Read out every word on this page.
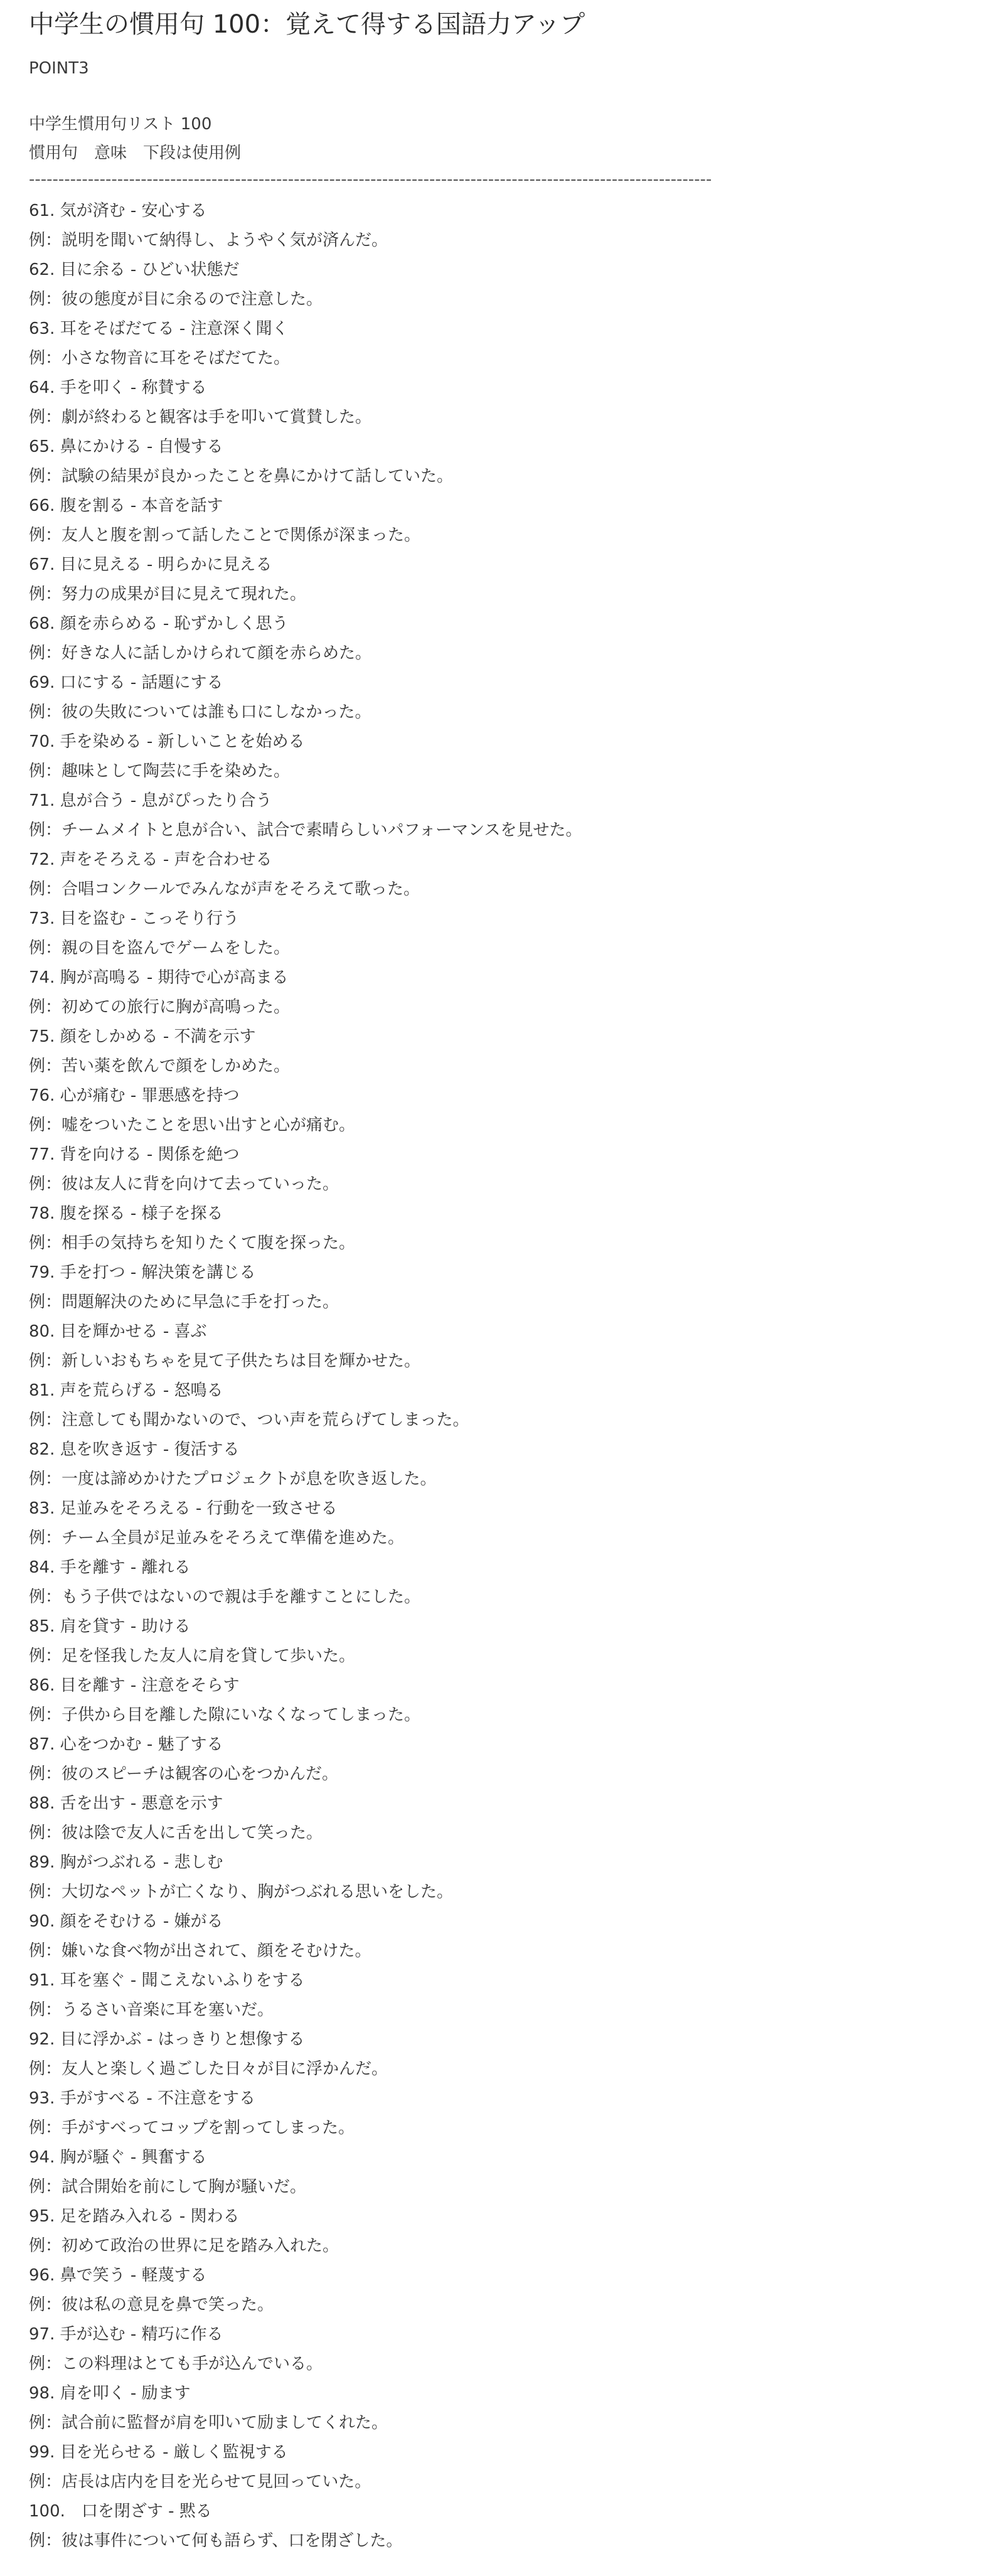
中学生の慣用句 100：覚えて得する国語力アップ
POINT3
中学生慣用句リスト 100
慣用句　意味　下段は使用例
--------------------------------------------------------------------------------------------------------------------
61. 気が済む - 安心する
例：説明を聞いて納得し、ようやく気が済んだ。
62. 目に余る - ひどい状態だ
例：彼の態度が目に余るので注意した。
63. 耳をそばだてる - 注意深く聞く
例：小さな物音に耳をそばだてた。
64. 手を叩く - 称賛する
例：劇が終わると観客は手を叩いて賞賛した。
65. 鼻にかける - 自慢する
例：試験の結果が良かったことを鼻にかけて話していた。
66. 腹を割る - 本音を話す
例：友人と腹を割って話したことで関係が深まった。
67. 目に見える - 明らかに見える
例：努力の成果が目に見えて現れた。
68. 顔を赤らめる - 恥ずかしく思う
例：好きな人に話しかけられて顔を赤らめた。
69. 口にする - 話題にする
例：彼の失敗については誰も口にしなかった。
70. 手を染める - 新しいことを始める
例：趣味として陶芸に手を染めた。
71. 息が合う - 息がぴったり合う
例：チームメイトと息が合い、試合で素晴らしいパフォーマンスを見せた。
72. 声をそろえる - 声を合わせる
例：合唱コンクールでみんなが声をそろえて歌った。
73. 目を盗む - こっそり行う
例：親の目を盗んでゲームをした。
74. 胸が高鳴る - 期待で心が高まる
例：初めての旅行に胸が高鳴った。
75. 顔をしかめる - 不満を示す
例：苦い薬を飲んで顔をしかめた。
76. 心が痛む - 罪悪感を持つ
例：嘘をついたことを思い出すと心が痛む。
77. 背を向ける - 関係を絶つ
例：彼は友人に背を向けて去っていった。
78. 腹を探る - 様子を探る
例：相手の気持ちを知りたくて腹を探った。
79. 手を打つ - 解決策を講じる
例：問題解決のために早急に手を打った。
80. 目を輝かせる - 喜ぶ
例：新しいおもちゃを見て子供たちは目を輝かせた。
81. 声を荒らげる - 怒鳴る
例：注意しても聞かないので、つい声を荒らげてしまった。
82. 息を吹き返す - 復活する
例：一度は諦めかけたプロジェクトが息を吹き返した。
83. 足並みをそろえる - 行動を一致させる
例：チーム全員が足並みをそろえて準備を進めた。
84. 手を離す - 離れる
例：もう子供ではないので親は手を離すことにした。
85. 肩を貸す - 助ける
例：足を怪我した友人に肩を貸して歩いた。
86. 目を離す - 注意をそらす
例：子供から目を離した隙にいなくなってしまった。
87. 心をつかむ - 魅了する
例：彼のスピーチは観客の心をつかんだ。
88. 舌を出す - 悪意を示す
例：彼は陰で友人に舌を出して笑った。
89. 胸がつぶれる - 悲しむ
例：大切なペットが亡くなり、胸がつぶれる思いをした。
90. 顔をそむける - 嫌がる
例：嫌いな食べ物が出されて、顔をそむけた。
91. 耳を塞ぐ - 聞こえないふりをする
例：うるさい音楽に耳を塞いだ。
92. 目に浮かぶ - はっきりと想像する
例：友人と楽しく過ごした日々が目に浮かんだ。
93. 手がすべる - 不注意をする
例：手がすべってコップを割ってしまった。
94. 胸が騒ぐ - 興奮する
例：試合開始を前にして胸が騒いだ。
95. 足を踏み入れる - 関わる
例：初めて政治の世界に足を踏み入れた。
96. 鼻で笑う - 軽蔑する
例：彼は私の意見を鼻で笑った。
97. 手が込む - 精巧に作る
例：この料理はとても手が込んでいる。
98. 肩を叩く - 励ます
例：試合前に監督が肩を叩いて励ましてくれた。
99. 目を光らせる - 厳しく監視する
例：店長は店内を目を光らせて見回っていた。
100.　口を閉ざす - 黙る
例：彼は事件について何も語らず、口を閉ざした。
